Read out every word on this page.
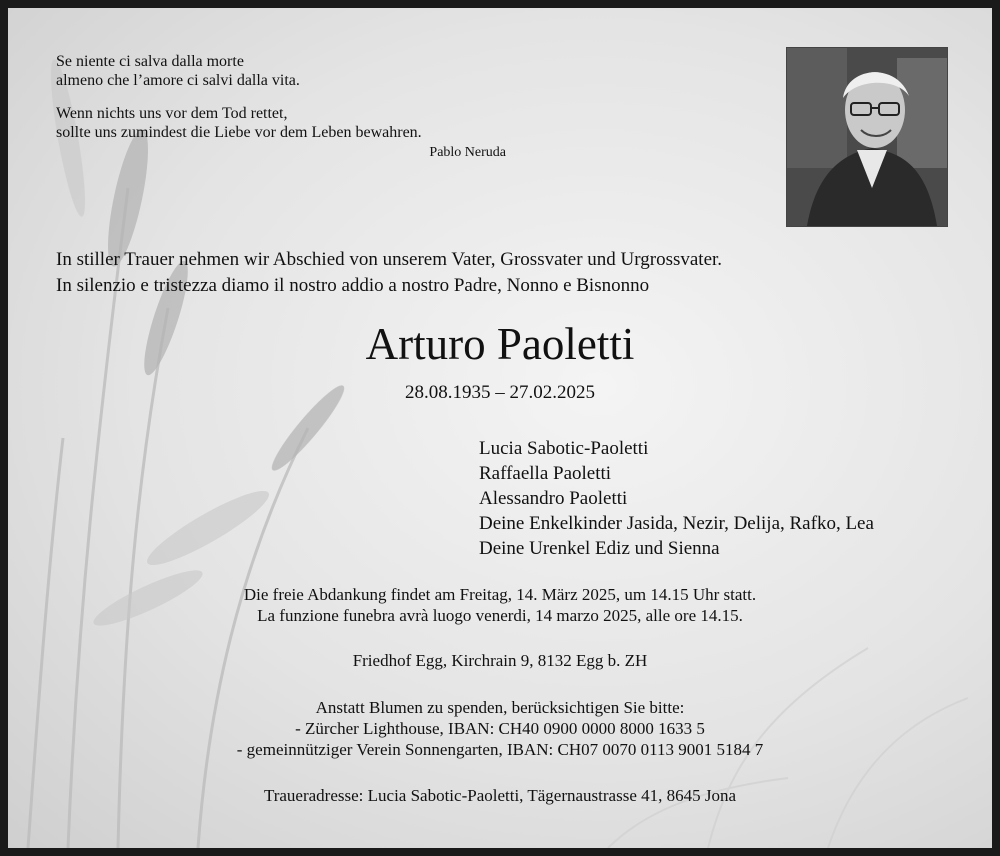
Se niente ci salva dalla morte
almeno che l’amore ci salvi dalla vita.
Wenn nichts uns vor dem Tod rettet,
sollte uns zumindest die Liebe vor dem Leben bewahren.
Pablo Neruda
In stiller Trauer nehmen wir Abschied von unserem Vater, Grossvater und Urgrossvater.
In silenzio e tristezza diamo il nostro addio a nostro Padre, Nonno e Bisnonno
Arturo Paoletti
28.08.1935 – 27.02.2025
Lucia Sabotic-Paoletti
Raffaella Paoletti
Alessandro Paoletti
Deine Enkelkinder Jasida, Nezir, Delija, Rafko, Lea
Deine Urenkel Ediz und Sienna
Die freie Abdankung findet am Freitag, 14. März 2025, um 14.15 Uhr statt.
La funzione funebra avrà luogo venerdi, 14 marzo 2025, alle ore 14.15.
Friedhof Egg, Kirchrain 9, 8132 Egg b. ZH
Anstatt Blumen zu spenden, berücksichtigen Sie bitte:
- Zürcher Lighthouse, IBAN: CH40 0900 0000 8000 1633 5
- gemeinnütziger Verein Sonnengarten, IBAN: CH07 0070 0113 9001 5184 7
Traueradresse: Lucia Sabotic-Paoletti, Tägernaustrasse 41, 8645 Jona
